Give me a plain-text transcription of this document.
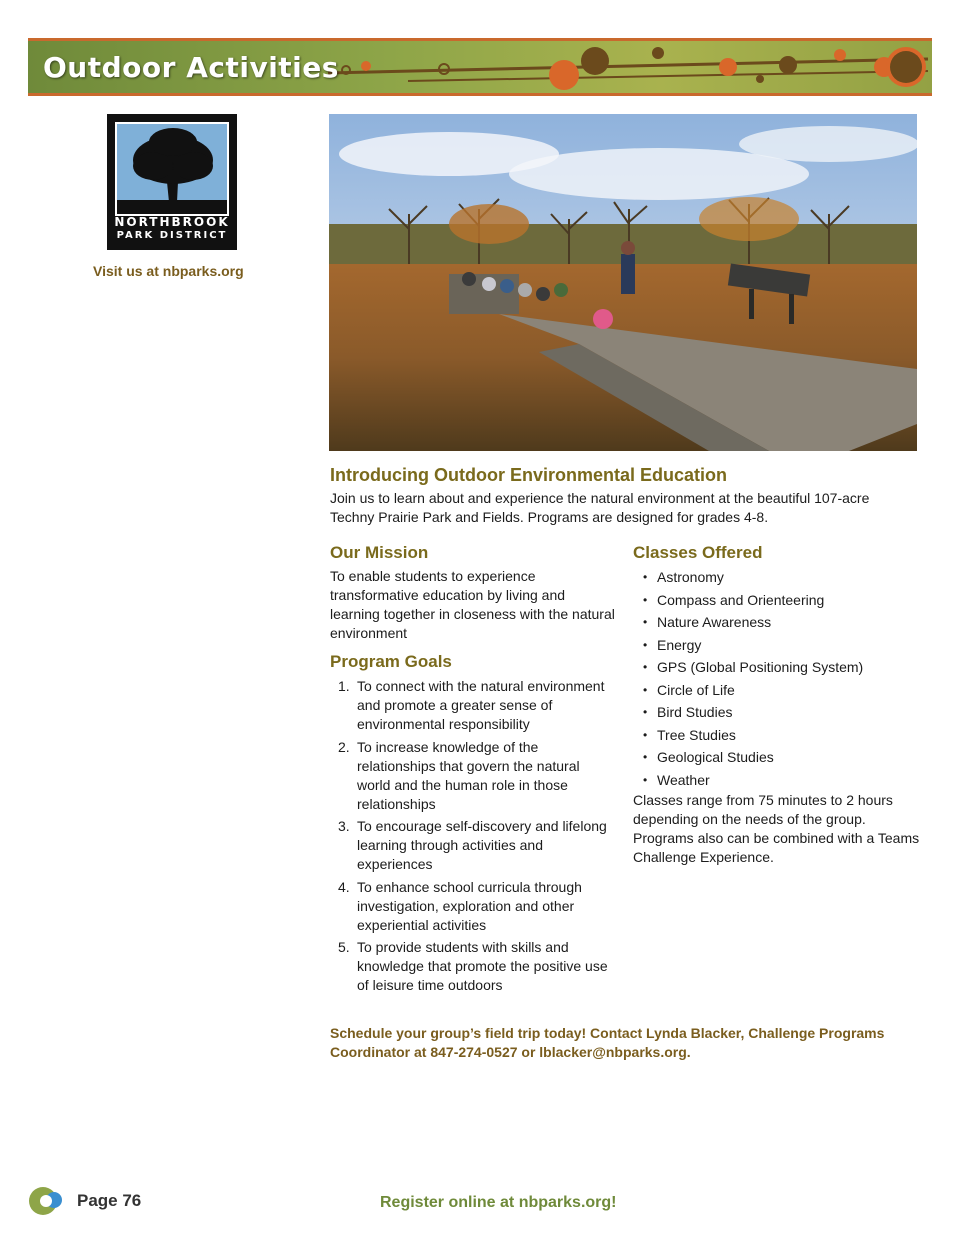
Outdoor Activities
NORTHBROOK
PARK DISTRICT
Visit us at nbparks.org
Introducing Outdoor Environmental Education

Join us to learn about and experience the natural environment at the beautiful 107-acre Techny Prairie Park and Fields. Programs are designed for grades 4-8.

Our Mission

To enable students to experience transformative education by living and learning together in closeness with the natural environment

Program Goals
1. To connect with the natural environment and promote a greater sense of environmental responsibility
2. To increase knowledge of the relationships that govern the natural world and the human role in those relationships
3. To encourage self-discovery and lifelong learning through activities and experiences
4. To enhance school curricula through investigation, exploration and other experiential activities
5. To provide students with skills and knowledge that promote the positive use of leisure time outdoors
Classes Offered
• Astronomy
• Compass and Orienteering
• Nature Awareness
• Energy
• GPS (Global Positioning System)
• Circle of Life
• Bird Studies
• Tree Studies
• Geological Studies
• Weather

Classes range from 75 minutes to 2 hours depending on the needs of the group. Programs also can be combined with a Teams Challenge Experience.

Schedule your group’s field trip today! Contact Lynda Blacker, Challenge Programs Coordinator at 847-274-0527 or lblacker@nbparks.org.

Page 76	Register online at nbparks.org!
